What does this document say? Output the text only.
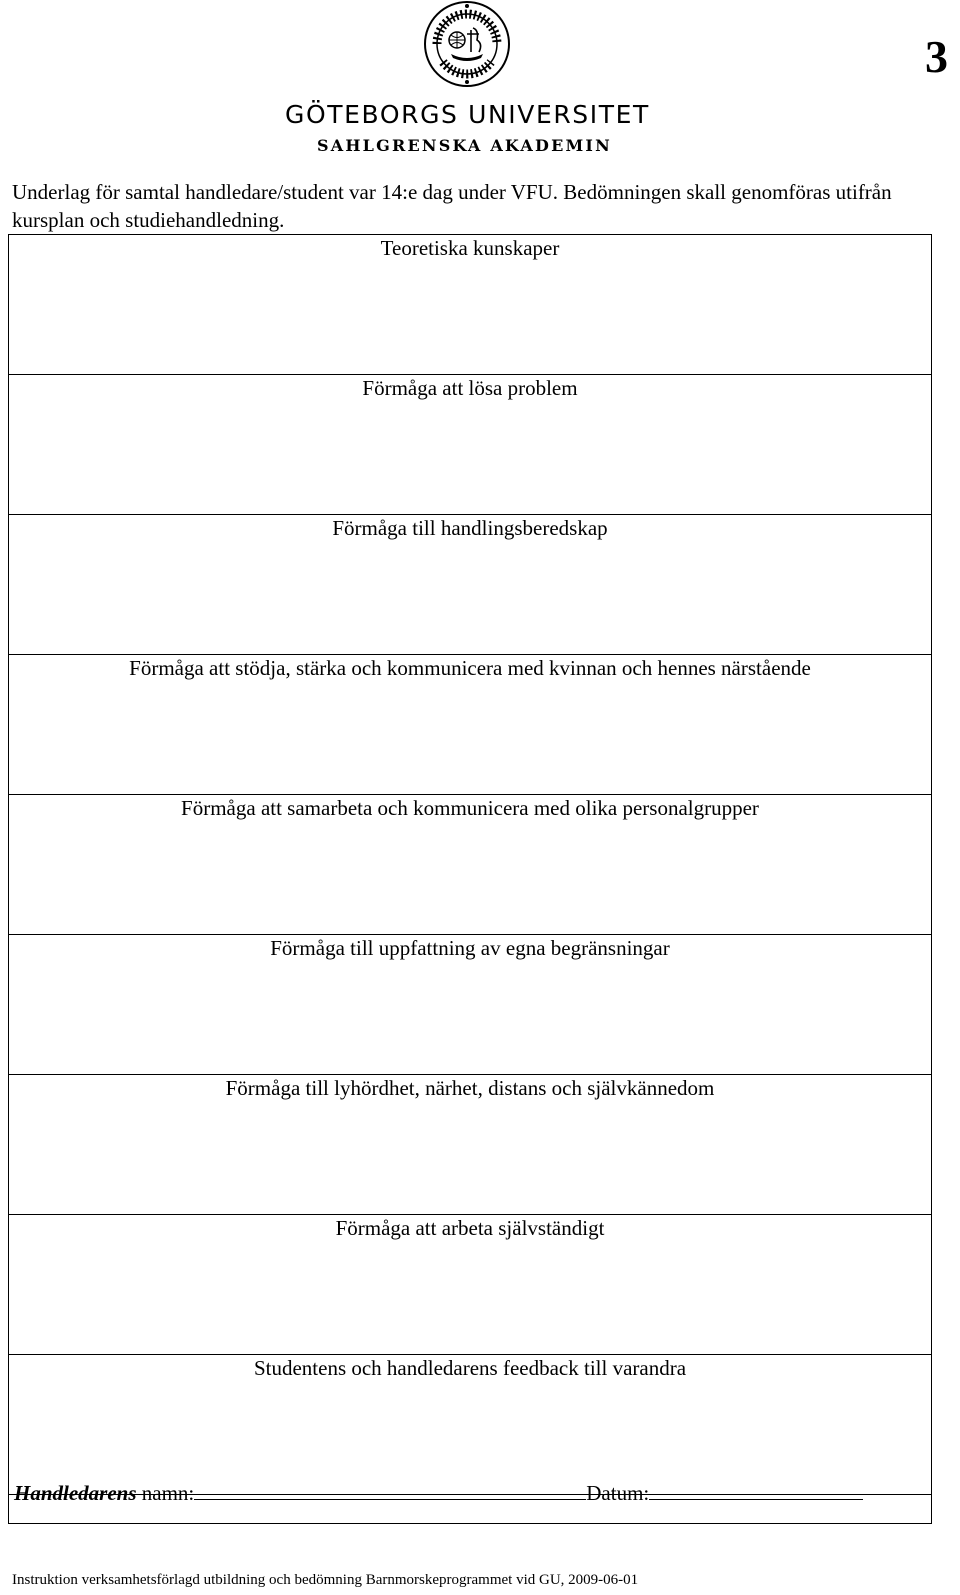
3
GÖTEBORGS UNIVERSITET
SAHLGRENSKA AKADEMIN
Underlag för samtal handledare/student var 14:e dag under VFU. Bedömningen skall genomföras utifrån kursplan och studiehandledning.
Teoretiska kunskaper
Förmåga att lösa problem
Förmåga till handlingsberedskap
Förmåga att stödja, stärka och kommunicera med kvinnan och hennes närstående
Förmåga att samarbeta och kommunicera med olika personalgrupper
Förmåga till uppfattning av egna begränsningar
Förmåga till lyhördhet, närhet, distans och självkännedom
Förmåga att arbeta självständigt
Studentens och handledarens feedback till varandra
Handledarens namn:	Datum:
Instruktion verksamhetsförlagd utbildning och bedömning Barnmorskeprogrammet vid GU, 2009-06-01
